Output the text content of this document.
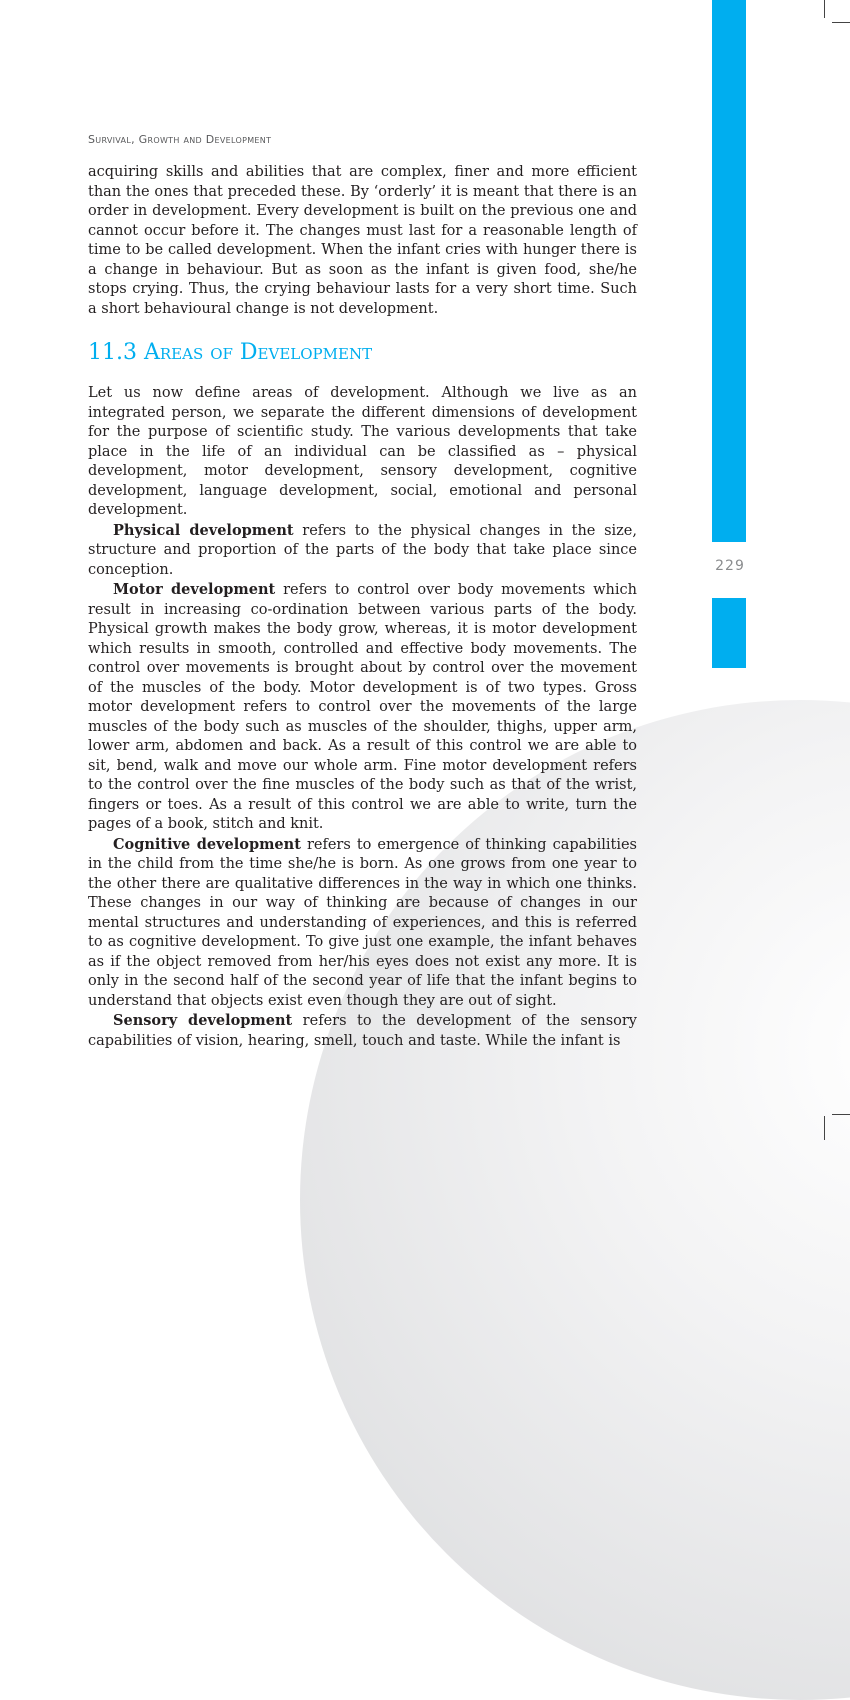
229
Survival, Growth and Development

acquiring skills and abilities that are complex, finer and more efficient than the ones that preceded these. By ‘orderly’ it is meant that there is an order in development. Every development is built on the previous one and cannot occur before it. The changes must last for a reasonable length of time to be called development. When the infant cries with hunger there is a change in behaviour. But as soon as the infant is given food, she/he stops crying. Thus, the crying behaviour lasts for a very short time. Such a short behavioural change is not development.

11.3 Areas of Development

Let us now define areas of development. Although we live as an integrated person, we separate the different dimensions of development for the purpose of scientific study. The various developments that take place in the life of an individual can be classified as – physical development, motor development, sensory development, cognitive development, language development, social, emotional and personal development.

Physical development refers to the physical changes in the size, structure and proportion of the parts of the body that take place since conception.

Motor development refers to control over body movements which result in increasing co-ordination between various parts of the body. Physical growth makes the body grow, whereas, it is motor development which results in smooth, controlled and effective body movements. The control over movements is brought about by control over the movement of the muscles of the body. Motor development is of two types. Gross motor development refers to control over the movements of the large muscles of the body such as muscles of the shoulder, thighs, upper arm, lower arm, abdomen and back. As a result of this control we are able to sit, bend, walk and move our whole arm. Fine motor development refers to the control over the fine muscles of the body such as that of the wrist, fingers or toes. As a result of this control we are able to write, turn the pages of a book, stitch and knit.

Cognitive development refers to emergence of thinking capabilities in the child from the time she/he is born. As one grows from one year to the other there are qualitative differences in the way in which one thinks. These changes in our way of thinking are because of changes in our mental structures and understanding of experiences, and this is referred to as cognitive development. To give just one example, the infant behaves as if the object removed from her/his eyes does not exist any more. It is only in the second half of the second year of life that the infant begins to understand that objects exist even though they are out of sight.

Sensory development refers to the development of the sensory capabilities of vision, hearing, smell, touch and taste. While the infant is
